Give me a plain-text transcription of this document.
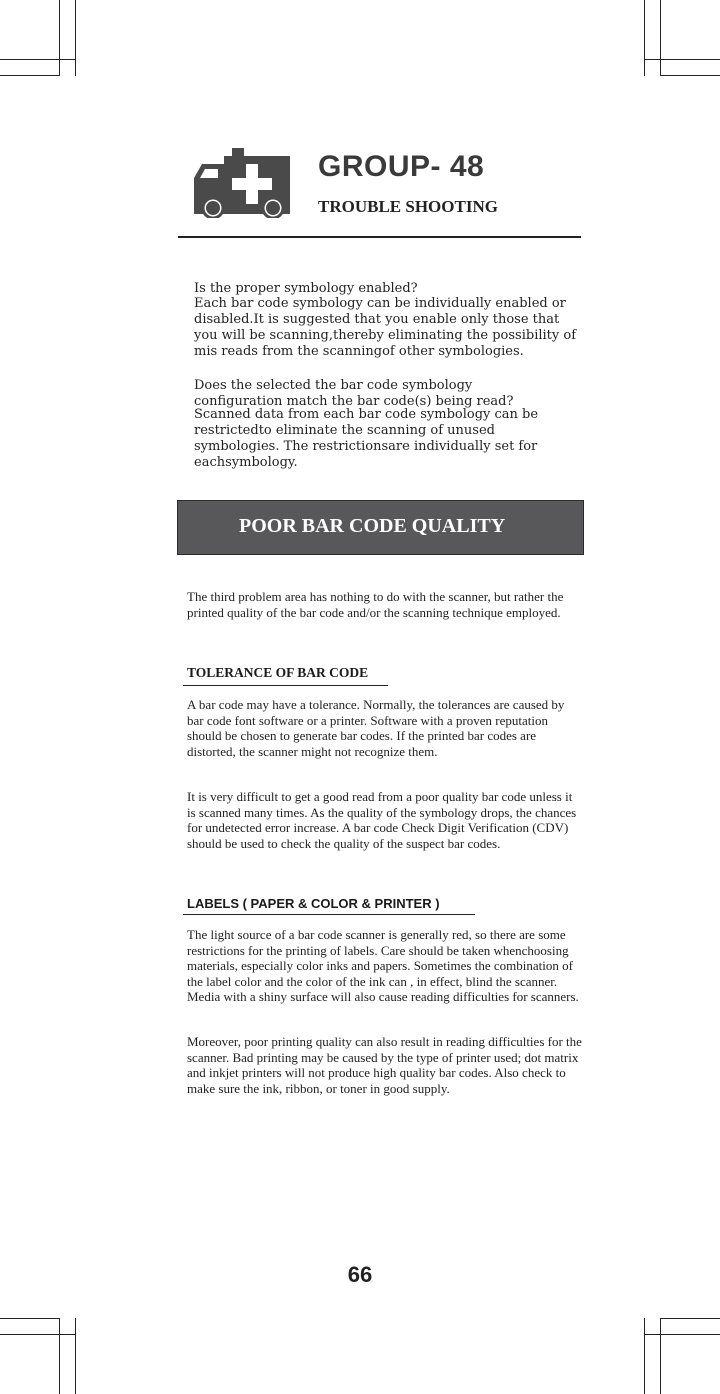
GROUP- 48
TROUBLE SHOOTING
Is the proper symbology enabled?
Each bar code symbology can be individually enabled or disabled.It is suggested that you enable only those that you will be scanning,thereby eliminating the possibility of mis reads from the scanningof other symbologies.
Does the selected the bar code symbology configuration match the bar code(s) being read?
Scanned data from each bar code symbology can be restrictedto eliminate the scanning of unused symbologies. The restrictionsare individually set for eachsymbology.
POOR BAR CODE QUALITY
The third problem area has nothing to do with the scanner, but rather the printed quality of the bar code and/or the scanning technique employed.
TOLERANCE OF BAR CODE
A bar code may have a tolerance. Normally, the tolerances are caused by bar code font software or a printer. Software with a proven reputation should be chosen to generate bar codes. If the printed bar codes are distorted, the scanner might not recognize them.
It is very difficult to get a good read from a poor quality bar code unless it is scanned many times. As the quality of the symbology drops, the chances for undetected error increase. A bar code Check Digit Verification (CDV) should be used to check the quality of the suspect bar codes.
LABELS ( PAPER & COLOR & PRINTER )
The light source of a bar code scanner is generally red, so there are some restrictions for the printing of labels. Care should be taken whenchoosing materials, especially color inks and papers. Sometimes the combination of the label color and the color of the ink can , in effect, blind the scanner. Media with a shiny surface will also cause reading difficulties for scanners.
Moreover, poor printing quality can also result in reading difficulties for the scanner. Bad printing may be caused by the type of printer used; dot matrix and inkjet printers will not produce high quality bar codes. Also check to make sure the ink, ribbon, or toner in good supply.
66
